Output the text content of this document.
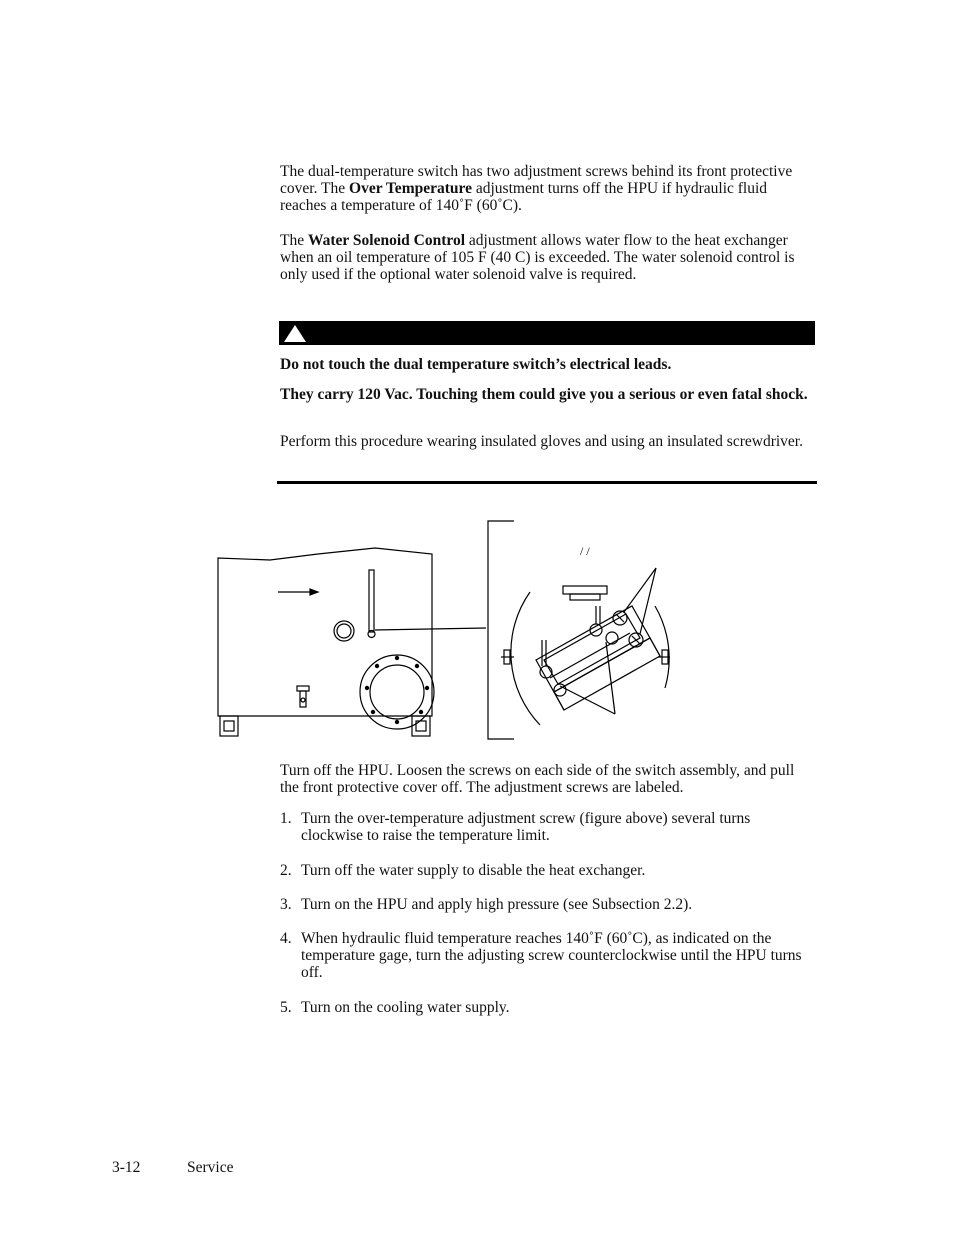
The dual-temperature switch has two adjustment screws behind its front protective cover. The Over Temperature adjustment turns off the HPU if hydraulic fluid reaches a temperature of 140˚F (60˚C).

The Water Solenoid Control adjustment allows water flow to the heat exchanger when an oil temperature of 105 F (40 C) is exceeded. The water solenoid control is only used if the optional water solenoid valve is required.

Do not touch the dual temperature switch’s electrical leads.

They carry 120 Vac. Touching them could give you a serious or even fatal shock.

Perform this procedure wearing insulated gloves and using an insulated screwdriver.

/ /

Turn off the HPU. Loosen the screws on each side of the switch assembly, and pull the front protective cover off. The adjustment screws are labeled.

1. Turn the over-temperature adjustment screw (figure above) several turns clockwise to raise the temperature limit.

2. Turn off the water supply to disable the heat exchanger.

3. Turn on the HPU and apply high pressure (see Subsection 2.2).

4. When hydraulic fluid temperature reaches 140˚F (60˚C), as indicated on the temperature gage, turn the adjusting screw counterclockwise until the HPU turns off.

5. Turn on the cooling water supply.

3-12	Service
